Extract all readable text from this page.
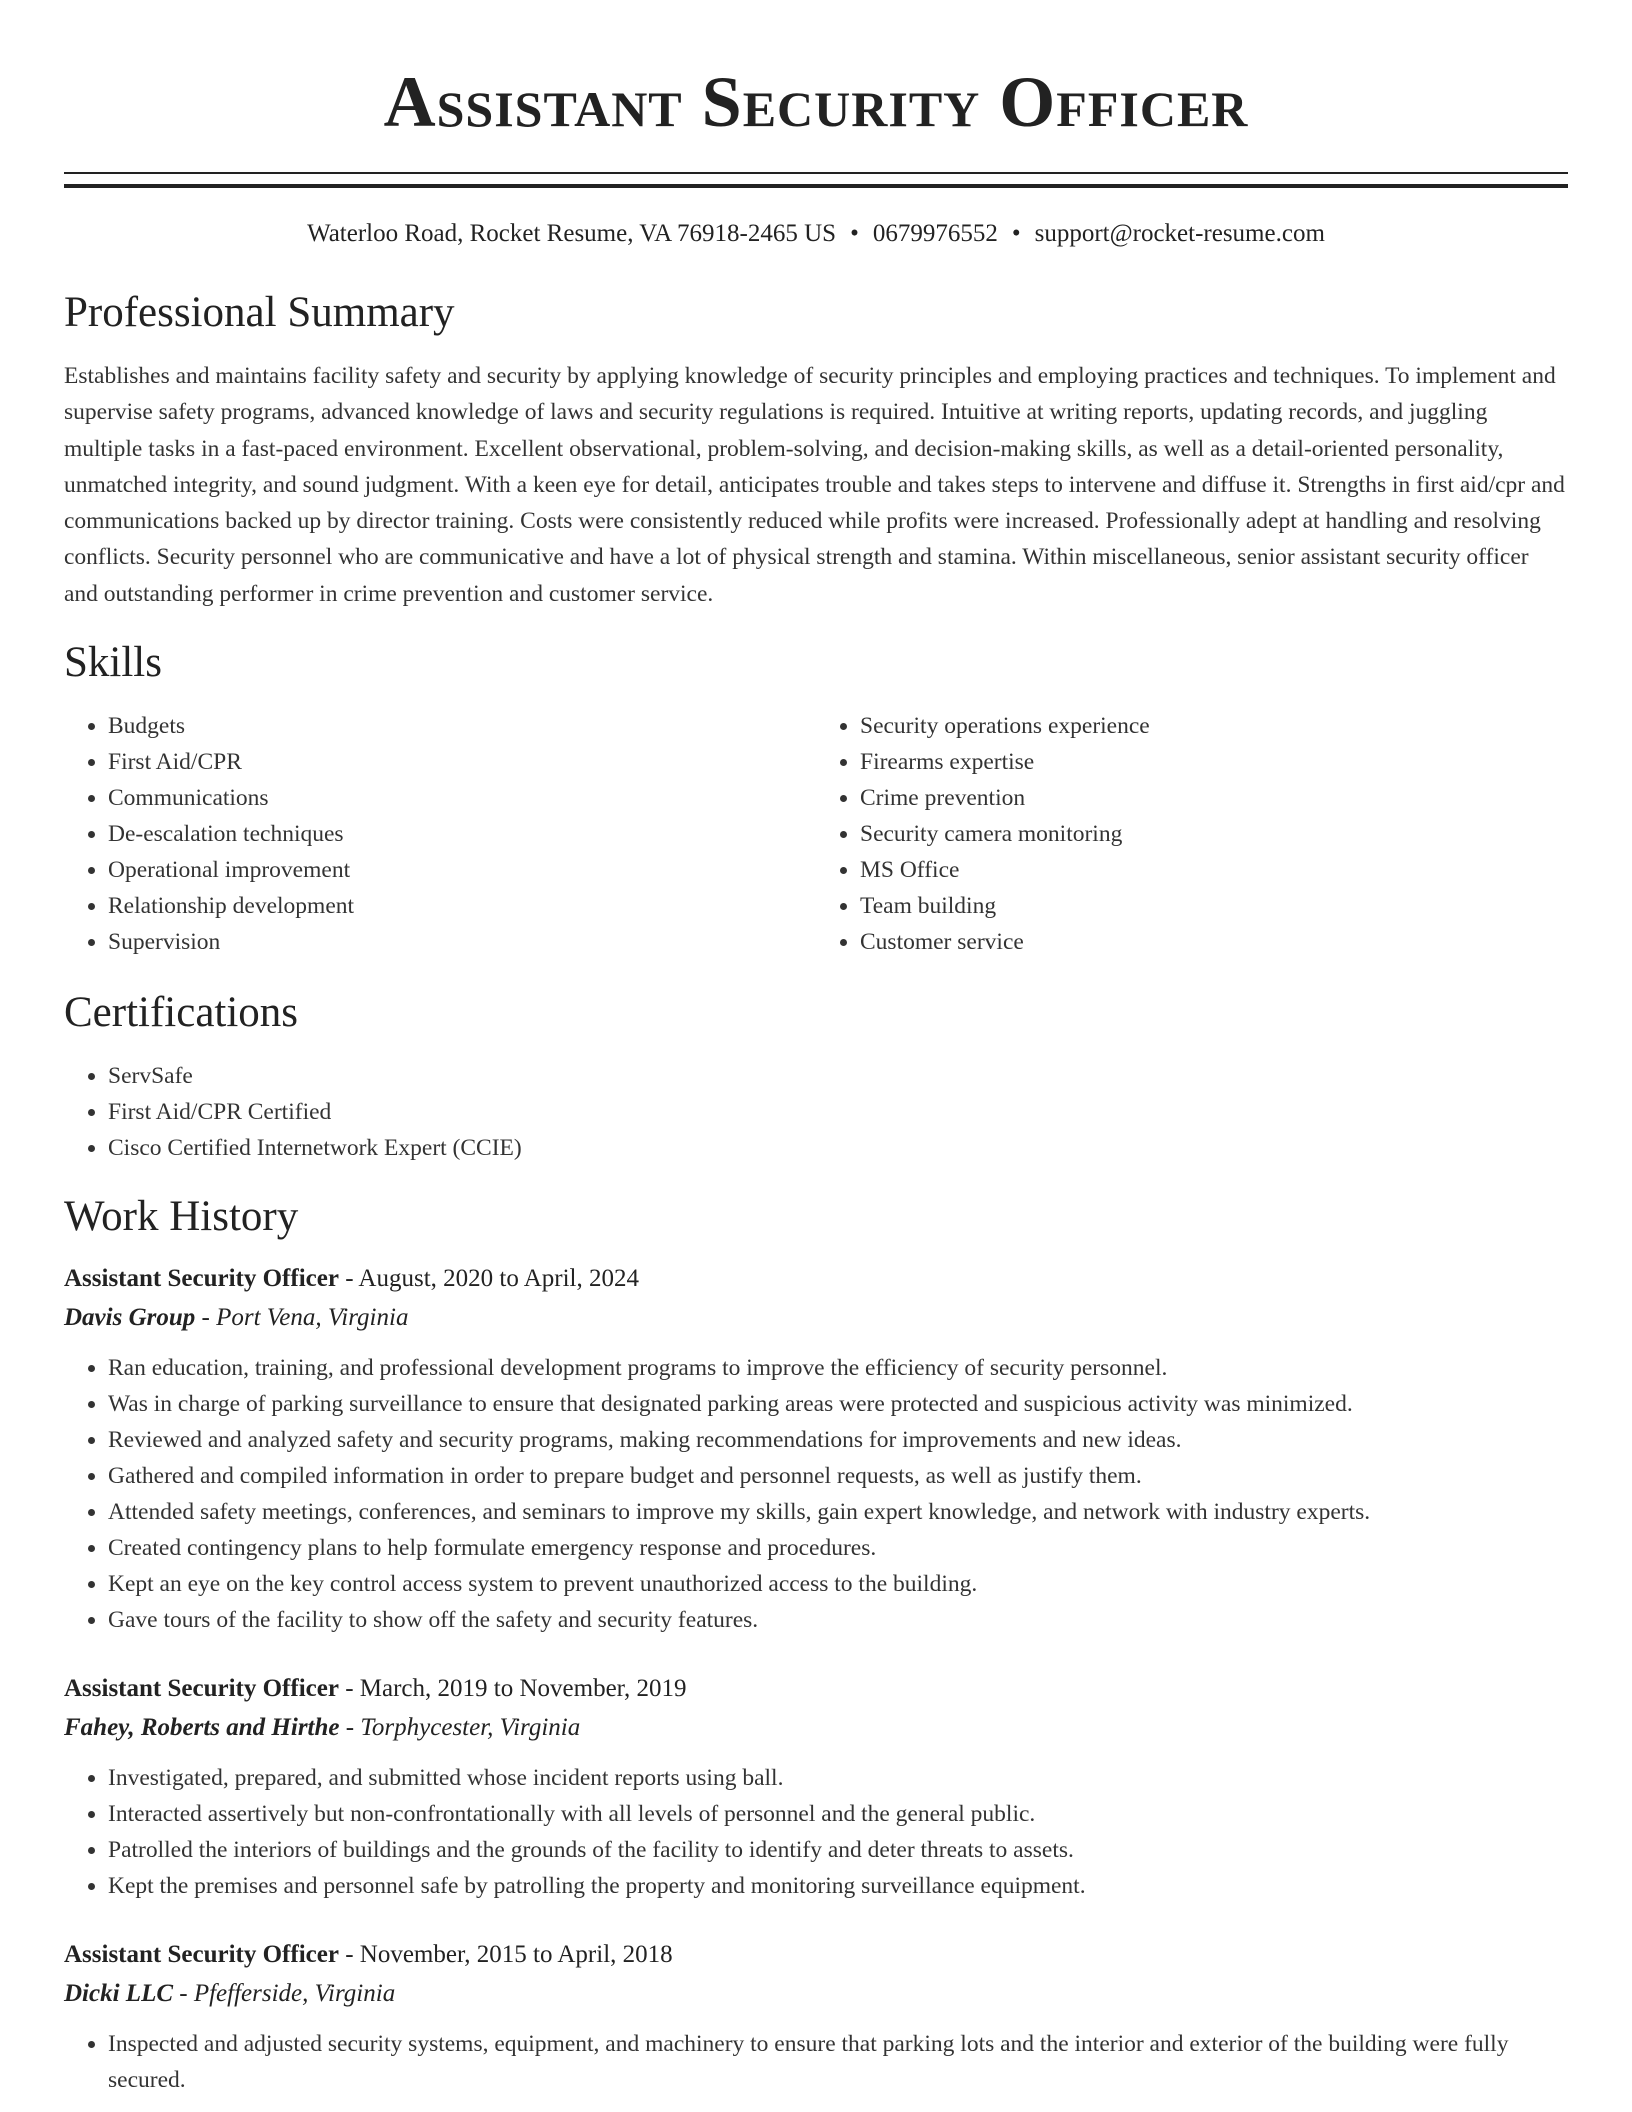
Assistant Security Officer
Waterloo Road, Rocket Resume, VA 76918-2465 US • 0679976552 • support@rocket-resume.com
Professional Summary
Establishes and maintains facility safety and security by applying knowledge of security principles and employing practices and techniques. To implement and supervise safety programs, advanced knowledge of laws and security regulations is required. Intuitive at writing reports, updating records, and juggling multiple tasks in a fast-paced environment. Excellent observational, problem-solving, and decision-making skills, as well as a detail-oriented personality, unmatched integrity, and sound judgment. With a keen eye for detail, anticipates trouble and takes steps to intervene and diffuse it. Strengths in first aid/cpr and communications backed up by director training. Costs were consistently reduced while profits were increased. Professionally adept at handling and resolving conflicts. Security personnel who are communicative and have a lot of physical strength and stamina. Within miscellaneous, senior assistant security officer and outstanding performer in crime prevention and customer service.
Skills
• Budgets
• First Aid/CPR
• Communications
• De-escalation techniques
• Operational improvement
• Relationship development
• Supervision
• Security operations experience
• Firearms expertise
• Crime prevention
• Security camera monitoring
• MS Office
• Team building
• Customer service
Certifications
• ServSafe
• First Aid/CPR Certified
• Cisco Certified Internetwork Expert (CCIE)
Work History
Assistant Security Officer - August, 2020 to April, 2024
Davis Group - Port Vena, Virginia
• Ran education, training, and professional development programs to improve the efficiency of security personnel.
• Was in charge of parking surveillance to ensure that designated parking areas were protected and suspicious activity was minimized.
• Reviewed and analyzed safety and security programs, making recommendations for improvements and new ideas.
• Gathered and compiled information in order to prepare budget and personnel requests, as well as justify them.
• Attended safety meetings, conferences, and seminars to improve my skills, gain expert knowledge, and network with industry experts.
• Created contingency plans to help formulate emergency response and procedures.
• Kept an eye on the key control access system to prevent unauthorized access to the building.
• Gave tours of the facility to show off the safety and security features.
Assistant Security Officer - March, 2019 to November, 2019
Fahey, Roberts and Hirthe - Torphycester, Virginia
• Investigated, prepared, and submitted whose incident reports using ball.
• Interacted assertively but non-confrontationally with all levels of personnel and the general public.
• Patrolled the interiors of buildings and the grounds of the facility to identify and deter threats to assets.
• Kept the premises and personnel safe by patrolling the property and monitoring surveillance equipment.
Assistant Security Officer - November, 2015 to April, 2018
Dicki LLC - Pfefferside, Virginia
• Inspected and adjusted security systems, equipment, and machinery to ensure that parking lots and the interior and exterior of the building were fully secured.
